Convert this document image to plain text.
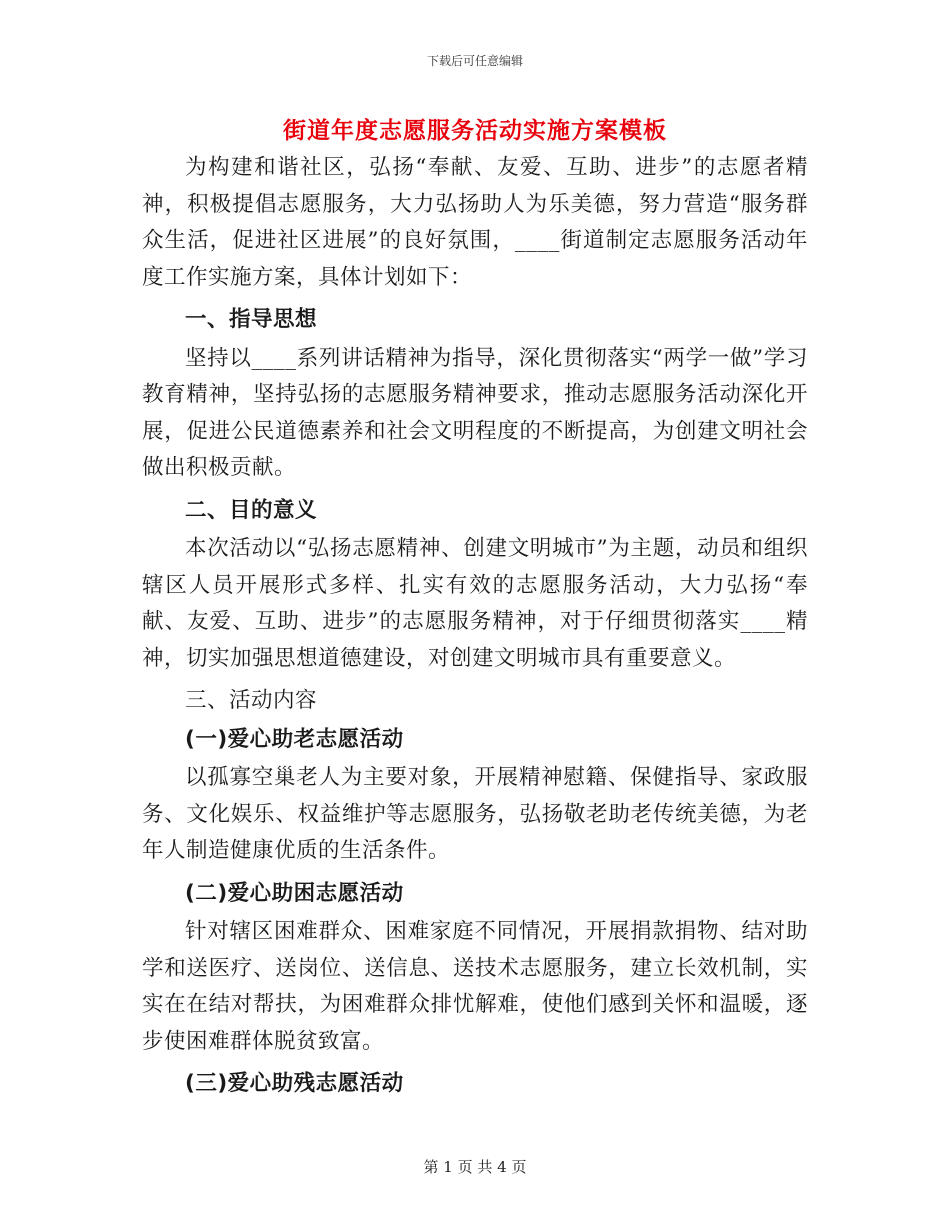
下载后可任意编辑
街道年度志愿服务活动实施方案模板

为构建和谐社区，弘扬“奉献、友爱、互助、进步”的志愿者精神，积极提倡志愿服务，大力弘扬助人为乐美德，努力营造“服务群众生活，促进社区进展”的良好氛围，____街道制定志愿服务活动年度工作实施方案，具体计划如下：

一、指导思想

坚持以____系列讲话精神为指导，深化贯彻落实“两学一做”学习教育精神，坚持弘扬的志愿服务精神要求，推动志愿服务活动深化开展，促进公民道德素养和社会文明程度的不断提高，为创建文明社会做出积极贡献。

二、目的意义

本次活动以“弘扬志愿精神、创建文明城市”为主题，动员和组织辖区人员开展形式多样、扎实有效的志愿服务活动，大力弘扬“奉献、友爱、互助、进步”的志愿服务精神，对于仔细贯彻落实____精神，切实加强思想道德建设，对创建文明城市具有重要意义。

三、活动内容

(一)爱心助老志愿活动

以孤寡空巢老人为主要对象，开展精神慰籍、保健指导、家政服务、文化娱乐、权益维护等志愿服务，弘扬敬老助老传统美德，为老年人制造健康优质的生活条件。

(二)爱心助困志愿活动

针对辖区困难群众、困难家庭不同情况，开展捐款捐物、结对助学和送医疗、送岗位、送信息、送技术志愿服务，建立长效机制，实实在在结对帮扶，为困难群众排忧解难，使他们感到关怀和温暖，逐步使困难群体脱贫致富。

(三)爱心助残志愿活动

第 1 页 共 4 页
